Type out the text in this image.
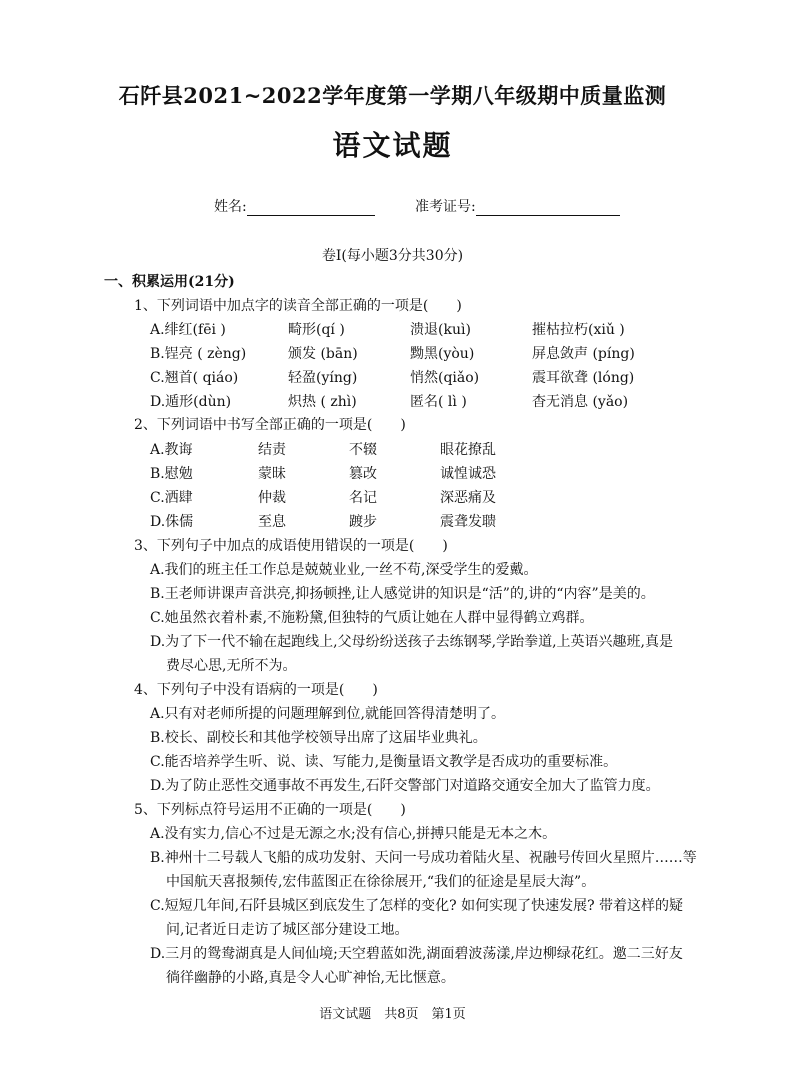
石阡县2021~2022学年度第一学期八年级期中质量监测
语文试题
姓名:	准考证号:
卷Ⅰ(每小题3分共30分)
一、积累运用(21分)
1、下列词语中加点字的读音全部正确的一项是(　　)
A.绯红(fēi )	畸形(qí )	溃退(kuì)	摧枯拉朽(xiǔ )
B.锃亮 ( zèng)	颁发 (bān)	黝黑(yòu)	屏息敛声 (píng)
C.翘首( qiáo)	轻盈(yíng)	悄然(qiǎo)	震耳欲聋 (lóng)
D.遁形(dùn)	炽热 ( zhì)	匿名( lì )	杳无消息 (yǎo)
2、下列词语中书写全部正确的一项是(　　)
A.教诲	结责	不辍	眼花撩乱
B.慰勉	蒙昧	篡改	诚惶诚恐
C.洒肆	仲裁	名记	深恶痛及
D.侏儒	至息	踱步	震聋发聩
3、下列句子中加点的成语使用错误的一项是(　　)
A.我们的班主任工作总是兢兢业业,一丝不苟,深受学生的爱戴。
B.王老师讲课声音洪亮,抑扬顿挫,让人感觉讲的知识是“活”的,讲的“内容”是美的。
C.她虽然衣着朴素,不施粉黛,但独特的气质让她在人群中显得鹤立鸡群。
D.为了下一代不输在起跑线上,父母纷纷送孩子去练钢琴,学跆拳道,上英语兴趣班,真是
费尽心思,无所不为。
4、下列句子中没有语病的一项是(　　)
A.只有对老师所提的问题理解到位,就能回答得清楚明了。
B.校长、副校长和其他学校领导出席了这届毕业典礼。
C.能否培养学生听、说、读、写能力,是衡量语文教学是否成功的重要标准。
D.为了防止恶性交通事故不再发生,石阡交警部门对道路交通安全加大了监管力度。
5、下列标点符号运用不正确的一项是(　　)
A.没有实力,信心不过是无源之水;没有信心,拼搏只能是无本之木。
B.神州十二号载人飞船的成功发射、天问一号成功着陆火星、祝融号传回火星照片……等
中国航天喜报频传,宏伟蓝图正在徐徐展开,“我们的征途是星辰大海”。
C.短短几年间,石阡县城区到底发生了怎样的变化? 如何实现了快速发展? 带着这样的疑
问,记者近日走访了城区部分建设工地。
D.三月的鸳鸯湖真是人间仙境;天空碧蓝如洗,湖面碧波荡漾,岸边柳绿花红。邀二三好友
徜徉幽静的小路,真是令人心旷神怡,无比惬意。
语文试题　共8页　第1页
